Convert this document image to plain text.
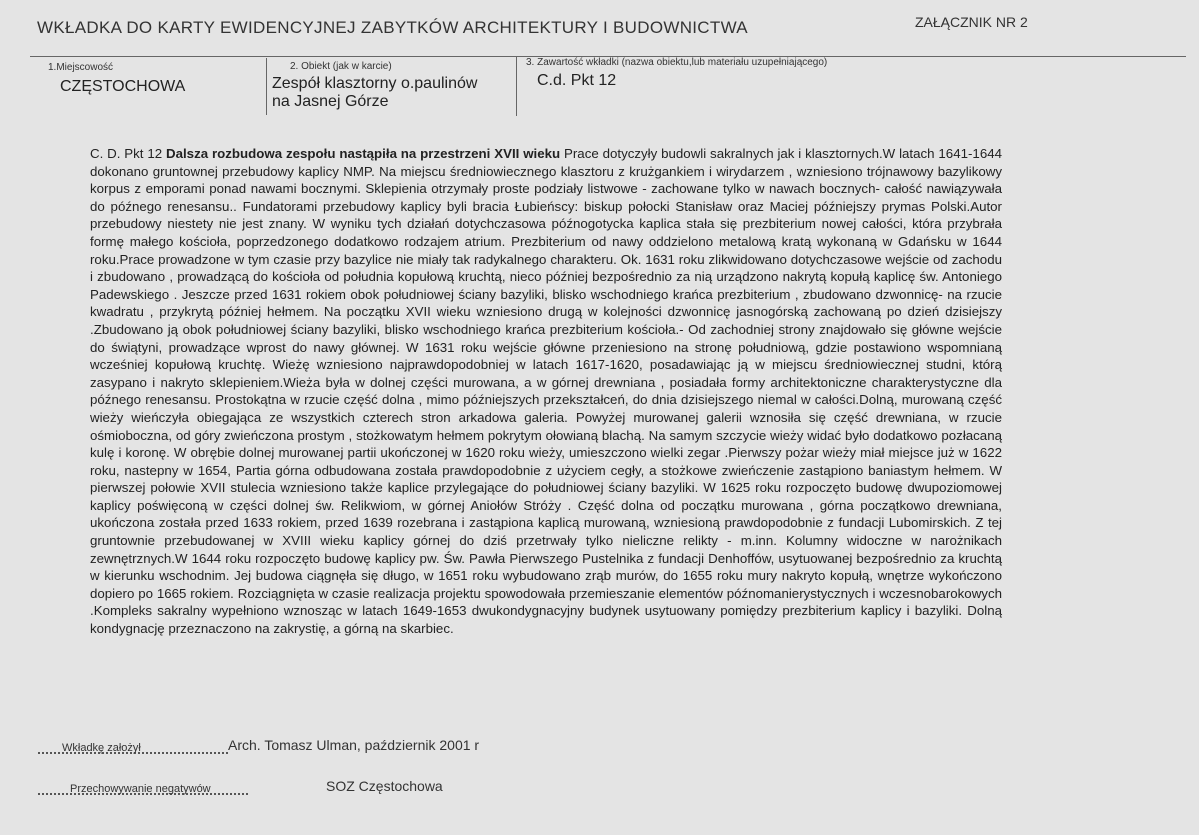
WKŁADKA DO KARTY EWIDENCYJNEJ ZABYTKÓW ARCHITEKTURY I BUDOWNICTWA	ZAŁĄCZNIK NR 2
1.Miejscowość
CZĘSTOCHOWA
2. Obiekt (jak w karcie)
Zespół klasztorny o.paulinów
na Jasnej Górze
3. Zawartość wkładki (nazwa obiektu,lub materiału uzupełniającego)
C.d. Pkt 12

C. D. Pkt 12 Dalsza rozbudowa zespołu nastąpiła na przestrzeni XVII wieku Prace dotyczyły budowli sakralnych jak i klasztornych.W latach 1641-1644 dokonano gruntownej przebudowy kaplicy NMP. Na miejscu średniowiecznego klasztoru z krużgankiem i wirydarzem , wzniesiono trójnawowy bazylikowy korpus z emporami ponad nawami bocznymi. Sklepienia otrzymały proste podziały listwowe - zachowane tylko w nawach bocznych- całość nawiązywała do późnego renesansu.. Fundatorami przebudowy kaplicy byli bracia Łubieńscy: biskup połocki Stanisław oraz Maciej późniejszy prymas Polski.Autor przebudowy niestety nie jest znany. W wyniku tych działań dotychczasowa późnogotycka kaplica stała się prezbiterium nowej całości, która przybrała formę małego kościoła, poprzedzonego dodatkowo rodzajem atrium. Prezbiterium od nawy oddzielono metalową kratą wykonaną w Gdańsku w 1644 roku.Prace prowadzone w tym czasie przy bazylice nie miały tak radykalnego charakteru. Ok. 1631 roku zlikwidowano dotychczasowe wejście od zachodu i zbudowano , prowadzącą do kościoła od południa kopułową kruchtą, nieco później bezpośrednio za nią urządzono nakrytą kopułą kaplicę św. Antoniego Padewskiego . Jeszcze przed 1631 rokiem obok południowej ściany bazyliki, blisko wschodniego krańca prezbiterium , zbudowano dzwonnicę- na rzucie kwadratu , przykrytą później hełmem. Na początku XVII wieku wzniesiono drugą w kolejności dzwonnicę jasnogórską zachowaną po dzień dzisiejszy .Zbudowano ją obok południowej ściany bazyliki, blisko wschodniego krańca prezbiterium kościoła.- Od zachodniej strony znajdowało się główne wejście do świątyni, prowadzące wprost do nawy głównej. W 1631 roku wejście główne przeniesiono na stronę południową, gdzie postawiono wspomnianą wcześniej kopułową kruchtę. Wieżę wzniesiono najprawdopodobniej w latach 1617-1620, posadawiając ją w miejscu średniowiecznej studni, którą zasypano i nakryto sklepieniem.Wieża była w dolnej części murowana, a w górnej drewniana , posiadała formy architektoniczne charakterystyczne dla późnego renesansu. Prostokątna w rzucie część dolna , mimo późniejszych przekształceń, do dnia dzisiejszego niemal w całości.Dolną, murowaną część wieży wieńczyła obiegająca ze wszystkich czterech stron arkadowa galeria. Powyżej murowanej galerii wznosiła się część drewniana, w rzucie ośmioboczna, od góry zwieńczona prostym , stożkowatym hełmem pokrytym ołowianą blachą. Na samym szczycie wieży widać było dodatkowo pozłacaną kulę i koronę. W obrębie dolnej murowanej partii ukończonej w 1620 roku wieży, umieszczono wielki zegar .Pierwszy pożar wieży miał miejsce już w 1622 roku, nastepny w 1654, Partia górna odbudowana została prawdopodobnie z użyciem cegły, a stożkowe zwieńczenie zastąpiono baniastym hełmem. W pierwszej połowie XVII stulecia wzniesiono także kaplice przylegające do południowej ściany bazyliki. W 1625 roku rozpoczęto budowę dwupoziomowej kaplicy poświęconą w części dolnej św. Relikwiom, w górnej Aniołów Stróży . Część dolna od początku murowana , górna początkowo drewniana, ukończona została przed 1633 rokiem, przed 1639 rozebrana i zastąpiona kaplicą murowaną, wzniesioną prawdopodobnie z fundacji Lubomirskich. Z tej gruntownie przebudowanej w XVIII wieku kaplicy górnej do dziś przetrwały tylko nieliczne relikty - m.inn. Kolumny widoczne w narożnikach zewnętrznych.W 1644 roku rozpoczęto budowę kaplicy pw. Św. Pawła Pierwszego Pustelnika z fundacji Denhoffów, usytuowanej bezpośrednio za kruchtą w kierunku wschodnim. Jej budowa ciągnęła się długo, w 1651 roku wybudowano zrąb murów, do 1655 roku mury nakryto kopułą, wnętrze wykończono dopiero po 1665 rokiem. Rozciągnięta w czasie realizacja projektu spowodowała przemieszanie elementów późnomanierystycznych i wczesnobarokowych .Kompleks sakralny wypełniono wznosząc w latach 1649-1653 dwukondygnacyjny budynek usytuowany pomiędzy prezbiterium kaplicy i bazyliki. Dolną kondygnację przeznaczono na zakrystię, a górną na skarbiec.

Wkładkę założył	Arch. Tomasz Ulman, październik 2001 r
Przechowywanie negatywów	SOZ Częstochowa
